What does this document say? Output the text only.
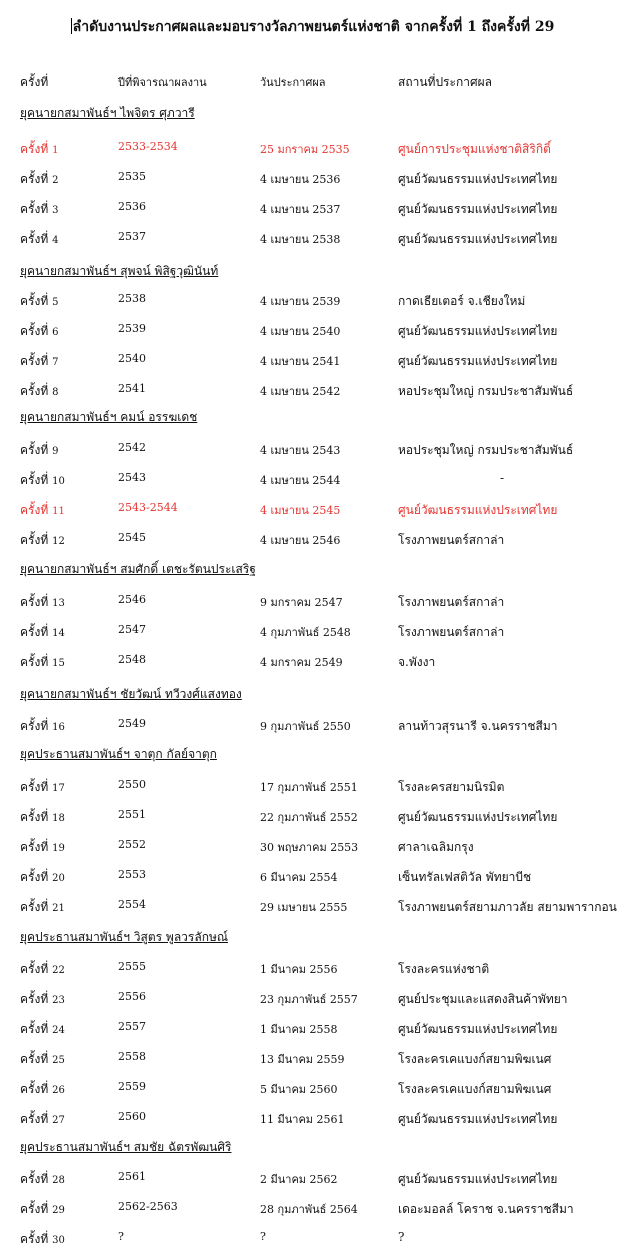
ลำดับงานประกาศผลและมอบรางวัลภาพยนตร์แห่งชาติ จากครั้งที่ 1 ถึงครั้งที่ 29
ครั้งที่	ปีที่พิจารณาผลงาน	วันประกาศผล	สถานที่ประกาศผล
ยุคนายกสมาพันธ์ฯ ไพจิตร ศุภวารี
ครั้งที่ 1	2533-2534	25 มกราคม 2535	ศูนย์การประชุมแห่งชาติสิริกิติ์
ครั้งที่ 2	2535	4 เมษายน 2536	ศูนย์วัฒนธรรมแห่งประเทศไทย
ครั้งที่ 3	2536	4 เมษายน 2537	ศูนย์วัฒนธรรมแห่งประเทศไทย
ครั้งที่ 4	2537	4 เมษายน 2538	ศูนย์วัฒนธรรมแห่งประเทศไทย
ยุคนายกสมาพันธ์ฯ สุพจน์ พิสิฐวุฒินันท์
ครั้งที่ 5	2538	4 เมษายน 2539	กาดเธียเตอร์ จ.เชียงใหม่
ครั้งที่ 6	2539	4 เมษายน 2540	ศูนย์วัฒนธรรมแห่งประเทศไทย
ครั้งที่ 7	2540	4 เมษายน 2541	ศูนย์วัฒนธรรมแห่งประเทศไทย
ครั้งที่ 8	2541	4 เมษายน 2542	หอประชุมใหญ่ กรมประชาสัมพันธ์
ยุคนายกสมาพันธ์ฯ คมน์ อรรฆเดช
ครั้งที่ 9	2542	4 เมษายน 2543	หอประชุมใหญ่ กรมประชาสัมพันธ์
ครั้งที่ 10	2543	4 เมษายน 2544	-
ครั้งที่ 11	2543-2544	4 เมษายน 2545	ศูนย์วัฒนธรรมแห่งประเทศไทย
ครั้งที่ 12	2545	4 เมษายน 2546	โรงภาพยนตร์สกาล่า
ยุคนายกสมาพันธ์ฯ สมศักดิ์ เตชะรัตนประเสริฐ
ครั้งที่ 13	2546	9 มกราคม 2547	โรงภาพยนตร์สกาล่า
ครั้งที่ 14	2547	4 กุมภาพันธ์ 2548	โรงภาพยนตร์สกาล่า
ครั้งที่ 15	2548	4 มกราคม 2549	จ.พังงา
ยุคนายกสมาพันธ์ฯ ชัยวัฒน์ ทวีวงศ์แสงทอง
ครั้งที่ 16	2549	9 กุมภาพันธ์ 2550	ลานท้าวสุรนารี จ.นครราชสีมา
ยุคประธานสมาพันธ์ฯ จาตุก กัลย์จาตุก
ครั้งที่ 17	2550	17 กุมภาพันธ์ 2551	โรงละครสยามนิรมิต
ครั้งที่ 18	2551	22 กุมภาพันธ์ 2552	ศูนย์วัฒนธรรมแห่งประเทศไทย
ครั้งที่ 19	2552	30 พฤษภาคม 2553	ศาลาเฉลิมกรุง
ครั้งที่ 20	2553	6 มีนาคม 2554	เซ็นทรัลเฟสติวัล พัทยาบีช
ครั้งที่ 21	2554	29 เมษายน 2555	โรงภาพยนตร์สยามภาวลัย สยามพารากอน
ยุคประธานสมาพันธ์ฯ วิสูตร พูลวรลักษณ์
ครั้งที่ 22	2555	1 มีนาคม 2556	โรงละครแห่งชาติ
ครั้งที่ 23	2556	23 กุมภาพันธ์ 2557	ศูนย์ประชุมและแสดงสินค้าพัทยา
ครั้งที่ 24	2557	1 มีนาคม 2558	ศูนย์วัฒนธรรมแห่งประเทศไทย
ครั้งที่ 25	2558	13 มีนาคม 2559	โรงละครเคแบงก์สยามพิฆเนศ
ครั้งที่ 26	2559	5 มีนาคม 2560	โรงละครเคแบงก์สยามพิฆเนศ
ครั้งที่ 27	2560	11 มีนาคม 2561	ศูนย์วัฒนธรรมแห่งประเทศไทย
ยุคประธานสมาพันธ์ฯ สมชัย ฉัตรพัฒนศิริ
ครั้งที่ 28	2561	2 มีนาคม 2562	ศูนย์วัฒนธรรมแห่งประเทศไทย
ครั้งที่ 29	2562-2563	28 กุมภาพันธ์ 2564	เดอะมอลล์ โคราช จ.นครราชสีมา
ครั้งที่ 30	?	?	?
